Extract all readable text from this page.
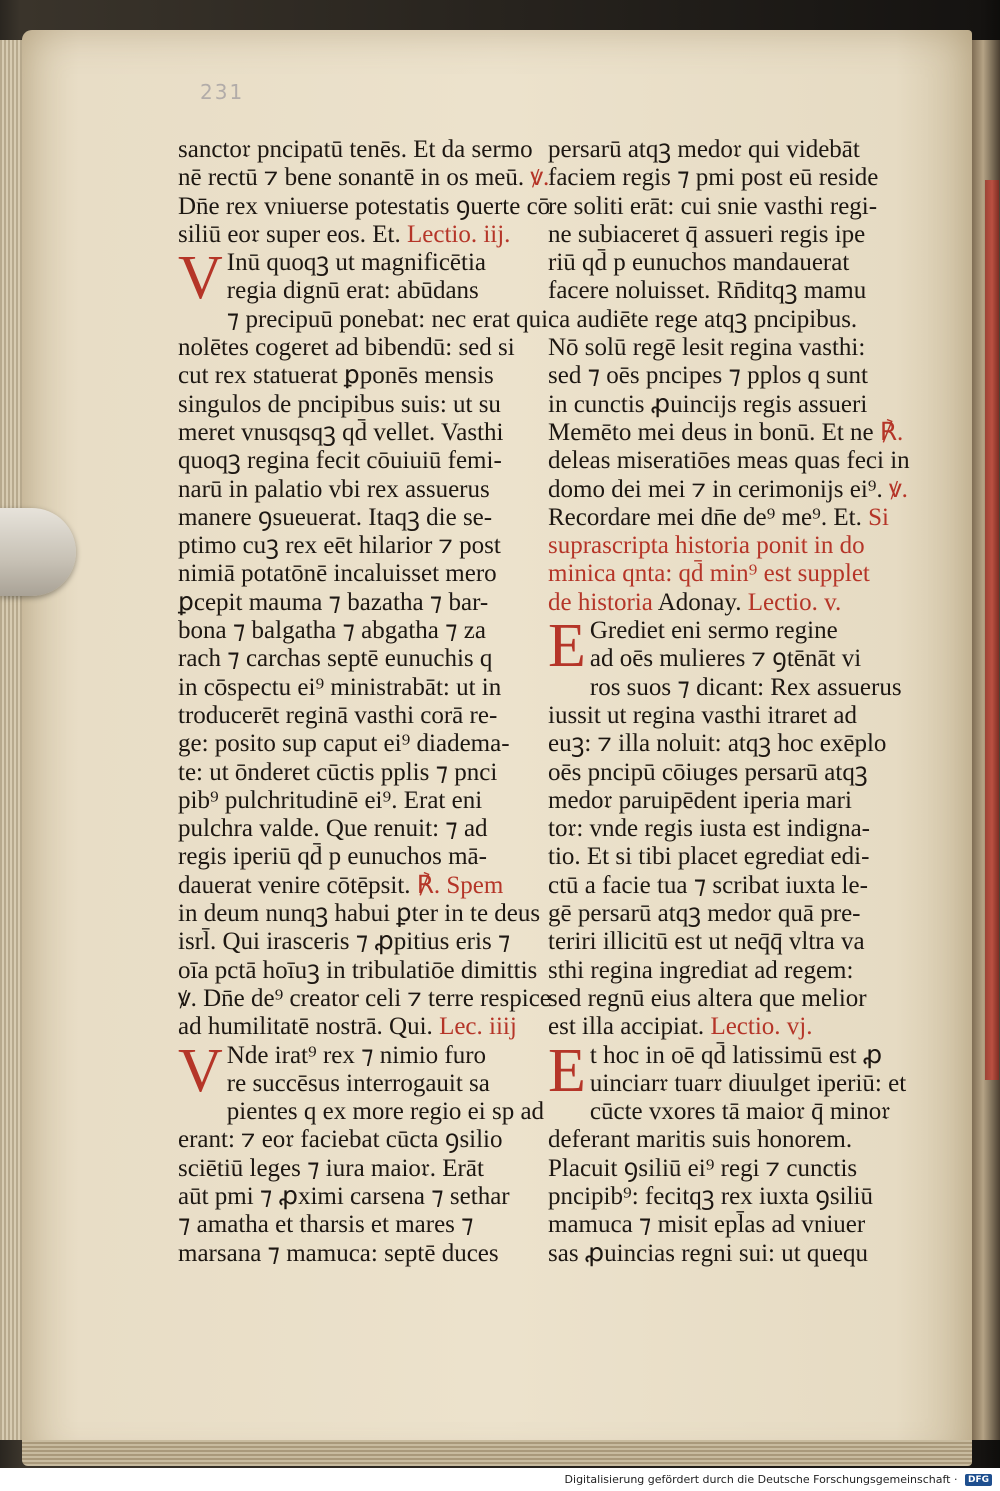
231
sancto𝔯 pncipatū tenēs. Et da sermo
nē rectū ⁊ bene sonantē in os meū. ꝟ.
Dn̄e rex vniuerse potestatis ꝯuerte cō
siliū eo𝔯 super eos. Et. Lectio. iij.
V Inū quoqꝫ ut magnificētia
regia dignū erat: abūdans
⁊ precipuū ponebat: nec erat qui
nolētes cogeret ad bibendū: sed si
cut rex statuerat ꝑponēs mensis
singulos de pncipibus suis: ut su
meret vnusqsqꝫ qd̄ vellet. Vasthi
quoqꝫ regina fecit cōuiuiū femi-
narū in palatio vbi rex assuerus
manere ꝯsueuerat. Itaqꝫ die se-
ptimo cuꝫ rex eēt hilarior ⁊ post
nimiā potatōnē incaluisset mero
ꝑcepit mauma ⁊ bazatha ⁊ bar-
bona ⁊ balgatha ⁊ abgatha ⁊ za
rach ⁊ carchas septē eunuchis q
in cōspectu ei⁹ ministrabāt: ut in
troducerēt reginā vasthi corā re-
ge: posito sup caput ei⁹ diadema-
te: ut ōnderet cūctis pplis ⁊ pnci
pib⁹ pulchritudinē ei⁹. Erat eni
pulchra valde. Que renuit: ⁊ ad
regis iperiū qd̄ p eunuchos mā-
dauerat venire cōtēpsit. ℟. Spem
in deum nunqꝫ habui ꝑter in te deus
isrl̄. Qui irasceris ⁊ ꝓpitius eris ⁊
oīa pctā hoīuꝫ in tribulatiōe dimittis
ꝟ. Dn̄e de⁹ creator celi ⁊ terre respice
ad humilitatē nostrā. Qui. Lec. iiij
V Nde irat⁹ rex ⁊ nimio furo
re succēsus interrogauit sa
pientes q ex more regio ei sp ad
erant: ⁊ eo𝔯 faciebat cūcta ꝯsilio
sciētiū leges ⁊ iura maio𝔯. Erāt
aūt pmi ⁊ ꝓximi carsena ⁊ sethar
⁊ amatha et tharsis et mares ⁊
marsana ⁊ mamuca: septē duces
persarū atqꝫ medo𝔯 qui videbāt
faciem regis ⁊ pmi post eū reside
re soliti erāt: cui snie vasthi regi-
ne subiaceret q̄ assueri regis ipe
riū qd̄ p eunuchos mandauerat
facere noluisset. Rn̄ditqꝫ mamu
ca audiēte rege atqꝫ pncipibus.
Nō solū regē lesit regina vasthi:
sed ⁊ oēs pncipes ⁊ pplos q sunt
in cunctis ꝓuincijs regis assueri
Memēto mei deus in bonū. Et ne ℟.
deleas miseratiōes meas quas feci in
domo dei mei ⁊ in cerimonijs ei⁹. ꝟ.
Recordare mei dn̄e de⁹ me⁹. Et. Si
suprascripta historia ponit in do
minica qnta: qd̄ min⁹ est supplet
de historia Adonay. Lectio. v.
E Grediet eni sermo regine
ad oēs mulieres ⁊ ꝯtēnāt vi
ros suos ⁊ dicant: Rex assuerus
iussit ut regina vasthi itraret ad
euꝫ: ⁊ illa noluit: atqꝫ hoc exēplo
oēs pncipū cōiuges persarū atqꝫ
medo𝔯 paruipēdent iperia mari
to𝔯: vnde regis iusta est indigna-
tio. Et si tibi placet egrediat edi-
ctū a facie tua ⁊ scribat iuxta le-
gē persarū atqꝫ medo𝔯 quā pre-
teriri illicitū est ut neq̄q̄ vltra va
sthi regina ingrediat ad regem:
sed regnū eius altera que melior
est illa accipiat. Lectio. vj.
Et hoc in oē qd̄ latissimū est ꝓ
uinciar𝔯 tuar𝔯 diuulget iperiū: et
cūcte vxores tā maio𝔯 q̄ mino𝔯
deferant maritis suis honorem.
Placuit ꝯsiliū ei⁹ regi ⁊ cunctis
pncipib⁹: fecitqꝫ rex iuxta ꝯsiliū
mamuca ⁊ misit epl̄as ad vniuer
sas ꝓuincias regni sui: ut quequ
Digitalisierung gefördert durch die Deutsche Forschungsgemeinschaft · DFG
